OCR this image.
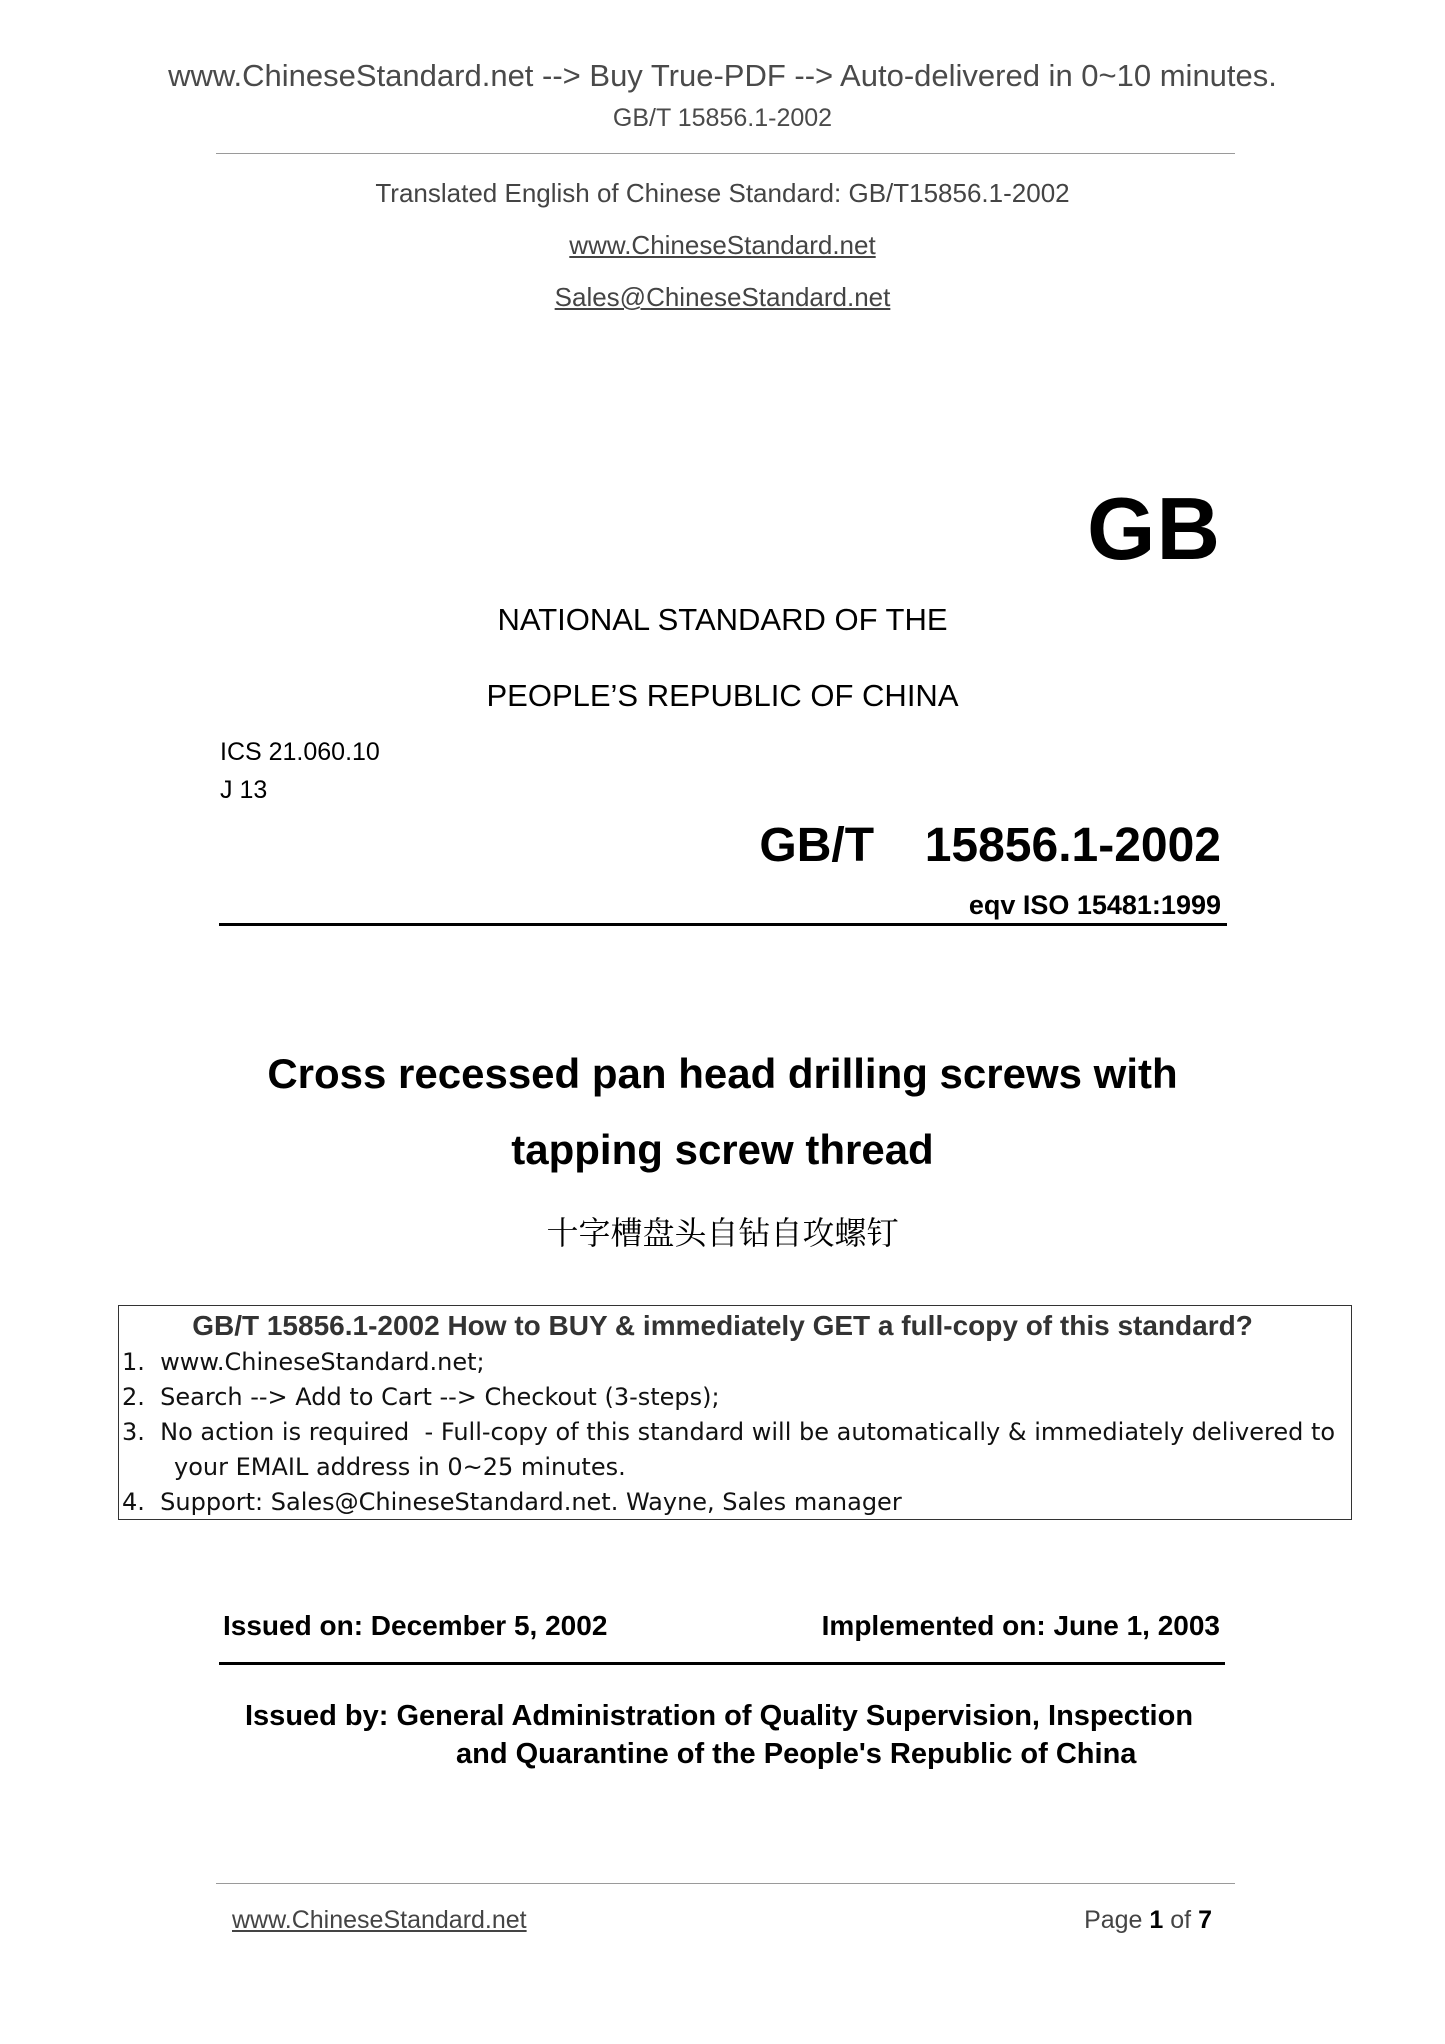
www.ChineseStandard.net --> Buy True-PDF --> Auto-delivered in 0~10 minutes.
GB/T 15856.1-2002
Translated English of Chinese Standard: GB/T15856.1-2002
www.ChineseStandard.net
Sales@ChineseStandard.net
GB
NATIONAL STANDARD OF THE
PEOPLE’S REPUBLIC OF CHINA
ICS 21.060.10
J 13
GB/T  15856.1-2002
eqv ISO 15481:1999
Cross recessed pan head drilling screws with
tapping screw thread
十字槽盘头自钻自攻螺钉
GB/T 15856.1-2002 How to BUY & immediately GET a full-copy of this standard?
1.  www.ChineseStandard.net;
2.  Search --> Add to Cart --> Checkout (3-steps);
3.  No action is required  - Full-copy of this standard will be automatically & immediately delivered to
your EMAIL address in 0~25 minutes.
4.  Support: Sales@ChineseStandard.net. Wayne, Sales manager
Issued on: December 5, 2002	Implemented on: June 1, 2003
Issued by: General Administration of Quality Supervision, Inspection
and Quarantine of the People's Republic of China
www.ChineseStandard.net	Page 1 of 7
